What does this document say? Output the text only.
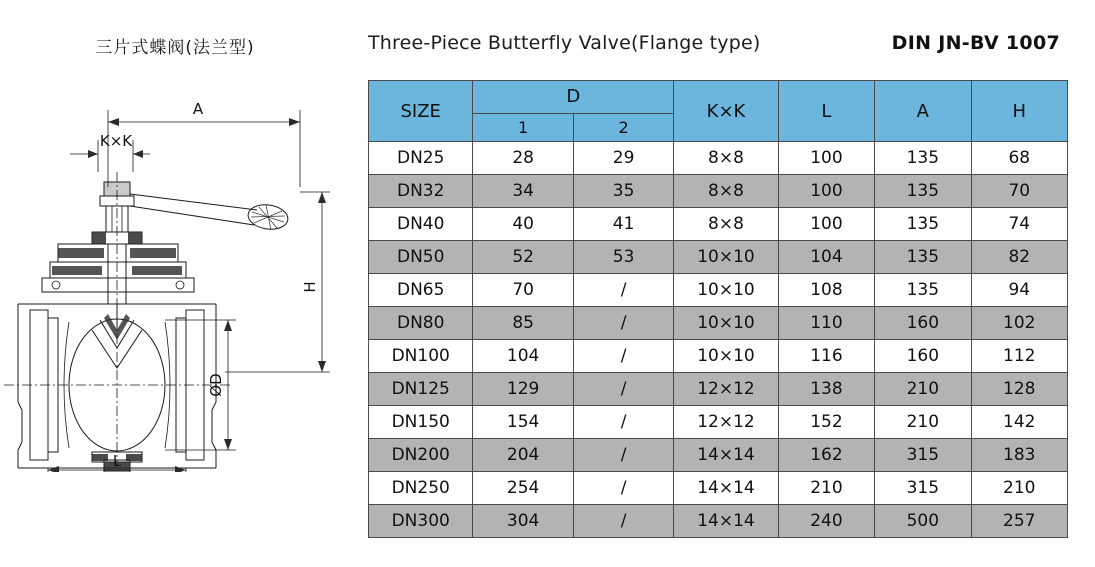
三片式蝶阀(法兰型)
A
K×K
H
ØD
L
Three-Piece Butterfly Valve(Flange type)	DIN JN-BV 1007
SIZE	D		K×K	L	A	H
	1	2				
DN25	28	29	8×8	100	135	68
DN32	34	35	8×8	100	135	70
DN40	40	41	8×8	100	135	74
DN50	52	53	10×10	104	135	82
DN65	70	/	10×10	108	135	94
DN80	85	/	10×10	110	160	102
DN100	104	/	10×10	116	160	112
DN125	129	/	12×12	138	210	128
DN150	154	/	12×12	152	210	142
DN200	204	/	14×14	162	315	183
DN250	254	/	14×14	210	315	210
DN300	304	/	14×14	240	500	257
